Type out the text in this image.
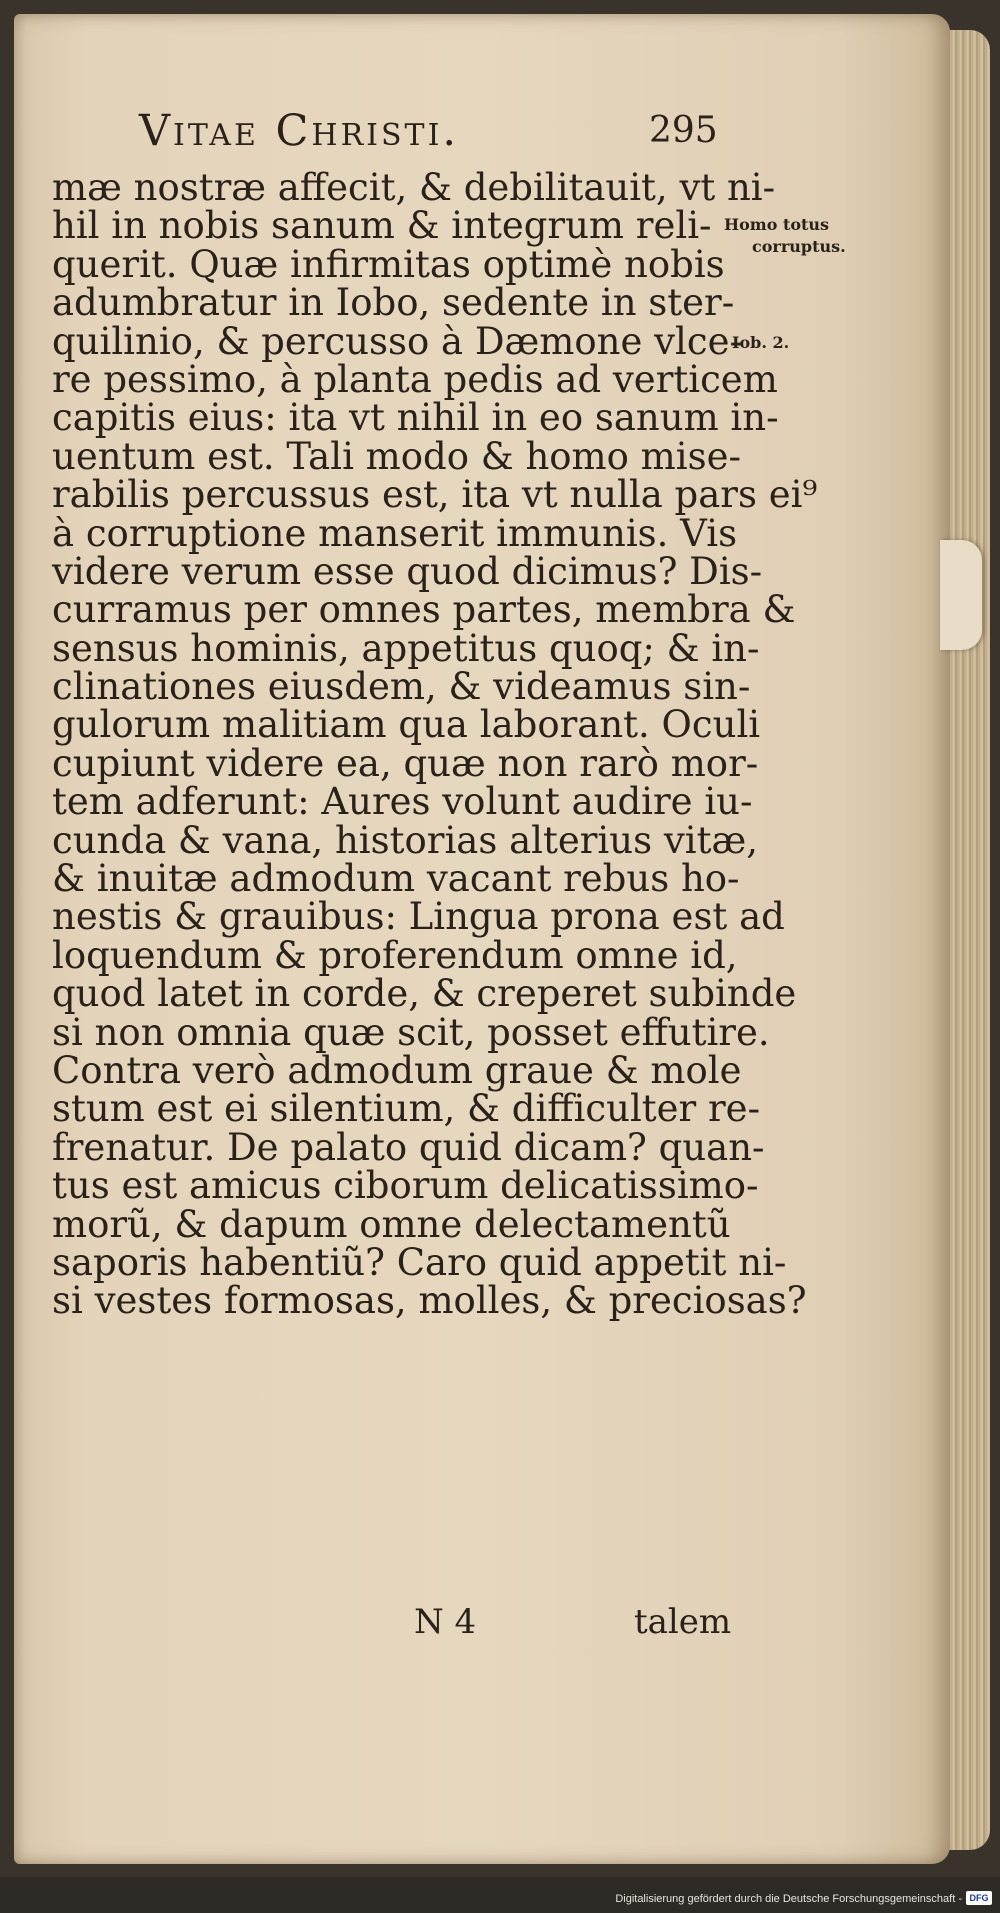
Vitae Christi.	295
mæ nostræ affecit, & debilitauit, vt ni-
hil in nobis sanum & integrum reli-
querit. Quæ infirmitas optimè nobis
adumbratur in Iobo, sedente in ster-
quilinio, & percusso à Dæmone vlce-
re pessimo, à planta pedis ad verticem
capitis eius: ita vt nihil in eo sanum in-
uentum est. Tali modo & homo mise-
rabilis percussus est, ita vt nulla pars ei⁹
à corruptione manserit immunis. Vis
videre verum esse quod dicimus? Dis-
curramus per omnes partes, membra &
sensus hominis, appetitus quoq; & in-
clinationes eiusdem, & videamus sin-
gulorum malitiam qua laborant. Oculi
cupiunt videre ea, quæ non rarò mor-
tem adferunt: Aures volunt audire iu-
cunda & vana, historias alterius vitæ,
& inuitæ admodum vacant rebus ho-
nestis & grauibus: Lingua prona est ad
loquendum & proferendum omne id,
quod latet in corde, & creperet subinde
si non omnia quæ scit, posset effutire.
Contra verò admodum graue & mole
stum est ei silentium, & difficulter re-
frenatur. De palato quid dicam? quan-
tus est amicus ciborum delicatissimo-
morũ, & dapum omne delectamentũ
saporis habentiũ? Caro quid appetit ni-
si vestes formosas, molles, & preciosas?
Homo totus
corruptus.
Iob. 2.
N 4	talem
Digitalisierung gefördert durch die Deutsche Forschungsgemeinschaft - DFG
